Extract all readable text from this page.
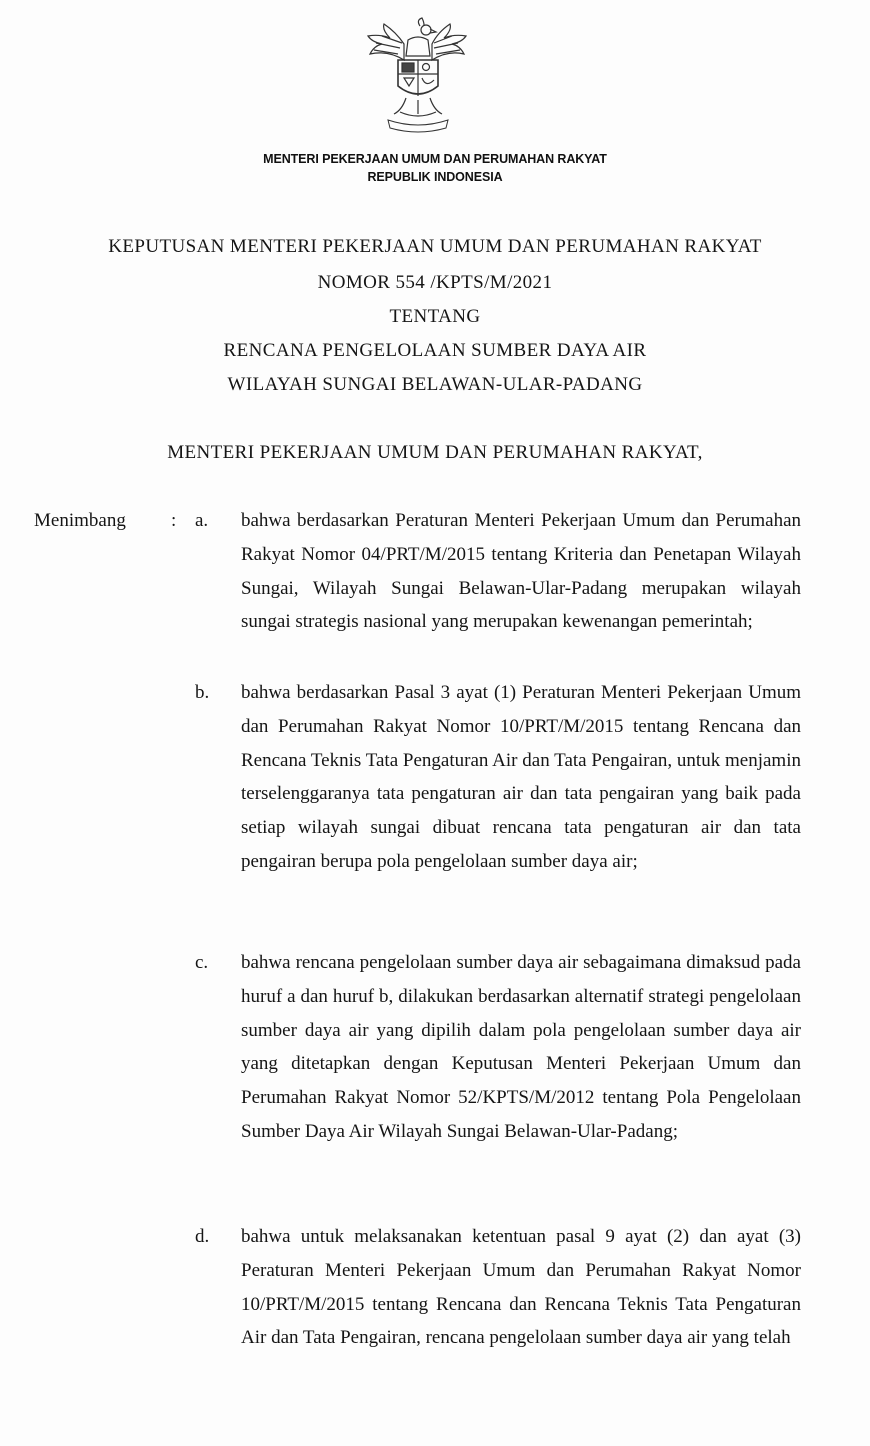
MENTERI PEKERJAAN UMUM DAN PERUMAHAN RAKYAT
REPUBLIK INDONESIA
KEPUTUSAN MENTERI PEKERJAAN UMUM DAN PERUMAHAN RAKYAT
NOMOR 554 /KPTS/M/2021
TENTANG
RENCANA PENGELOLAAN SUMBER DAYA AIR
WILAYAH SUNGAI BELAWAN-ULAR-PADANG
MENTERI PEKERJAAN UMUM DAN PERUMAHAN RAKYAT,
Menimbang : a. bahwa berdasarkan Peraturan Menteri Pekerjaan Umum dan Perumahan Rakyat Nomor 04/PRT/M/2015 tentang Kriteria dan Penetapan Wilayah Sungai, Wilayah Sungai Belawan-Ular-Padang merupakan wilayah sungai strategis nasional yang merupakan kewenangan pemerintah;

b. bahwa berdasarkan Pasal 3 ayat (1) Peraturan Menteri Pekerjaan Umum dan Perumahan Rakyat Nomor 10/PRT/M/2015 tentang Rencana dan Rencana Teknis Tata Pengaturan Air dan Tata Pengairan, untuk menjamin terselenggaranya tata pengaturan air dan tata pengairan yang baik pada setiap wilayah sungai dibuat rencana tata pengaturan air dan tata pengairan berupa pola pengelolaan sumber daya air;

c. bahwa rencana pengelolaan sumber daya air sebagaimana dimaksud pada huruf a dan huruf b, dilakukan berdasarkan alternatif strategi pengelolaan sumber daya air yang dipilih dalam pola pengelolaan sumber daya air yang ditetapkan dengan Keputusan Menteri Pekerjaan Umum dan Perumahan Rakyat Nomor 52/KPTS/M/2012 tentang Pola Pengelolaan Sumber Daya Air Wilayah Sungai Belawan-Ular-Padang;

d. bahwa untuk melaksanakan ketentuan pasal 9 ayat (2) dan ayat (3) Peraturan Menteri Pekerjaan Umum dan Perumahan Rakyat Nomor 10/PRT/M/2015 tentang Rencana dan Rencana Teknis Tata Pengaturan Air dan Tata Pengairan, rencana pengelolaan sumber daya air yang telah
